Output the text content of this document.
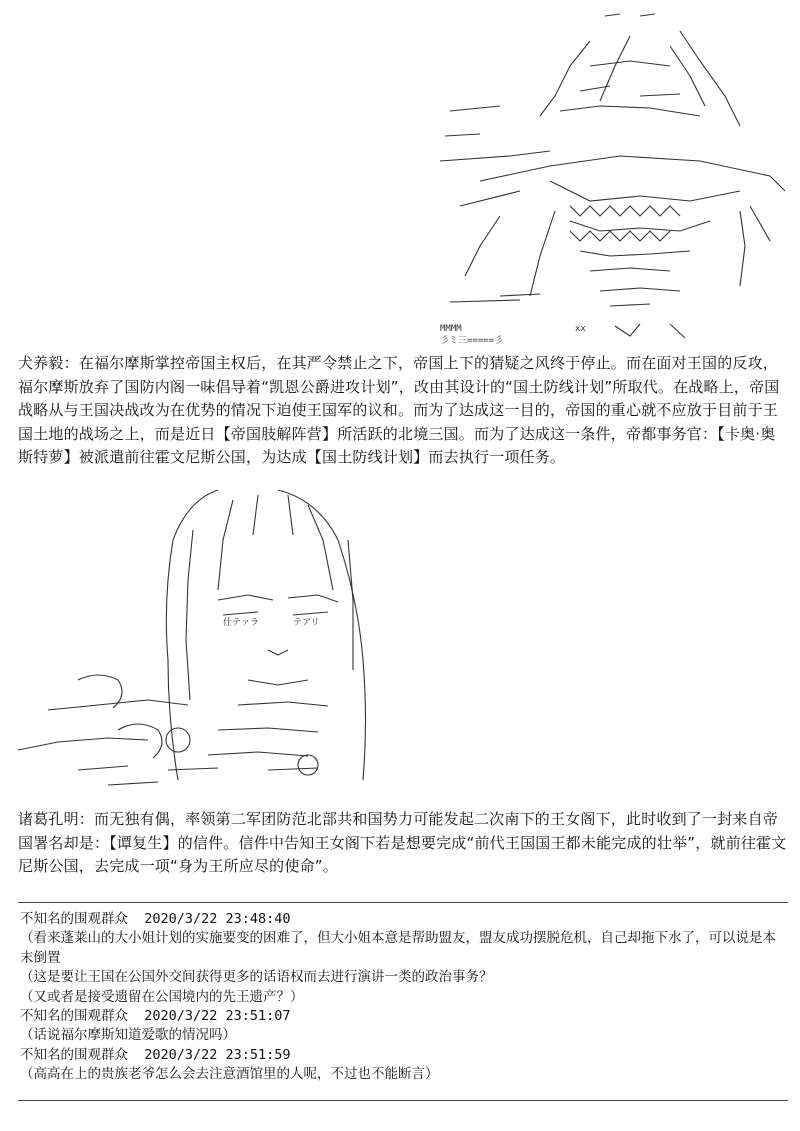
MMMM
彡ミ三=====彡
xx

犬养毅：在福尔摩斯掌控帝国主权后，在其严令禁止之下，帝国上下的猜疑之风终于停止。而在面对王国的反攻，福尔摩斯放弃了国防内阁一味倡导着“凯恩公爵进攻计划”，改由其设计的“国土防线计划”所取代。在战略上，帝国战略从与王国决战改为在优势的情况下迫使王国军的议和。而为了达成这一目的，帝国的重心就不应放于目前于王国土地的战场之上，而是近日【帝国肢解阵营】所活跃的北境三国。而为了达成这一条件，帝都事务官：【卡奥·奥斯特萝】被派遣前往霍文尼斯公国，为达成【国土防线计划】而去执行一项任务。

仕テァラ	テアリ

诸葛孔明：而无独有偶，率领第二军团防范北部共和国势力可能发起二次南下的王女阁下，此时收到了一封来自帝国署名却是：【谭复生】的信件。信件中告知王女阁下若是想要完成“前代王国国王都未能完成的壮举”，就前往霍文尼斯公国，去完成一项“身为王所应尽的使命”。

不知名的围观群众 2020/3/22 23:48:40
（看来蓬莱山的大小姐计划的实施要变的困难了，但大小姐本意是帮助盟友，盟友成功摆脱危机，自己却拖下水了，可以说是本末倒置
（这是要让王国在公国外交间获得更多的话语权而去进行演讲一类的政治事务？
（又或者是接受遗留在公国境内的先王遗产？）
不知名的围观群众 2020/3/22 23:51:07
（话说福尔摩斯知道爱歌的情况吗）
不知名的围观群众 2020/3/22 23:51:59
（高高在上的贵族老爷怎么会去注意酒馆里的人呢，不过也不能断言）
